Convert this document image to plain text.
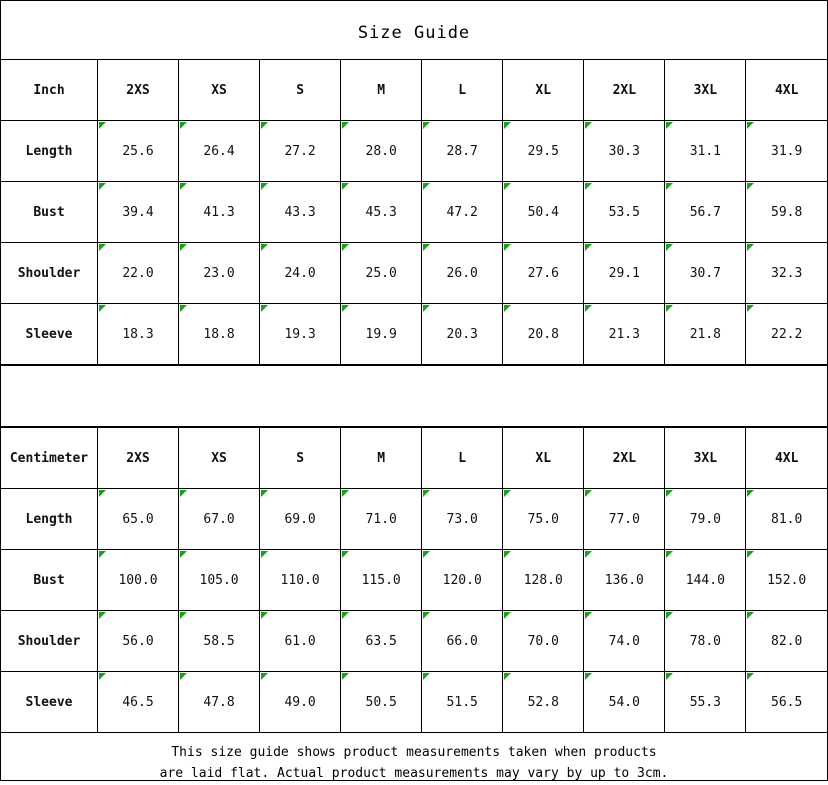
Size Guide
Inch	2XS	XS	S	M	L	XL	2XL	3XL	4XL
Length	25.6	26.4	27.2	28.0	28.7	29.5	30.3	31.1	31.9
Bust	39.4	41.3	43.3	45.3	47.2	50.4	53.5	56.7	59.8
Shoulder	22.0	23.0	24.0	25.0	26.0	27.6	29.1	30.7	32.3
Sleeve	18.3	18.8	19.3	19.9	20.3	20.8	21.3	21.8	22.2
Centimeter	2XS	XS	S	M	L	XL	2XL	3XL	4XL
Length	65.0	67.0	69.0	71.0	73.0	75.0	77.0	79.0	81.0
Bust	100.0	105.0	110.0	115.0	120.0	128.0	136.0	144.0	152.0
Shoulder	56.0	58.5	61.0	63.5	66.0	70.0	74.0	78.0	82.0
Sleeve	46.5	47.8	49.0	50.5	51.5	52.8	54.0	55.3	56.5
This size guide shows product measurements taken when products
are laid flat. Actual product measurements may vary by up to 3cm.
